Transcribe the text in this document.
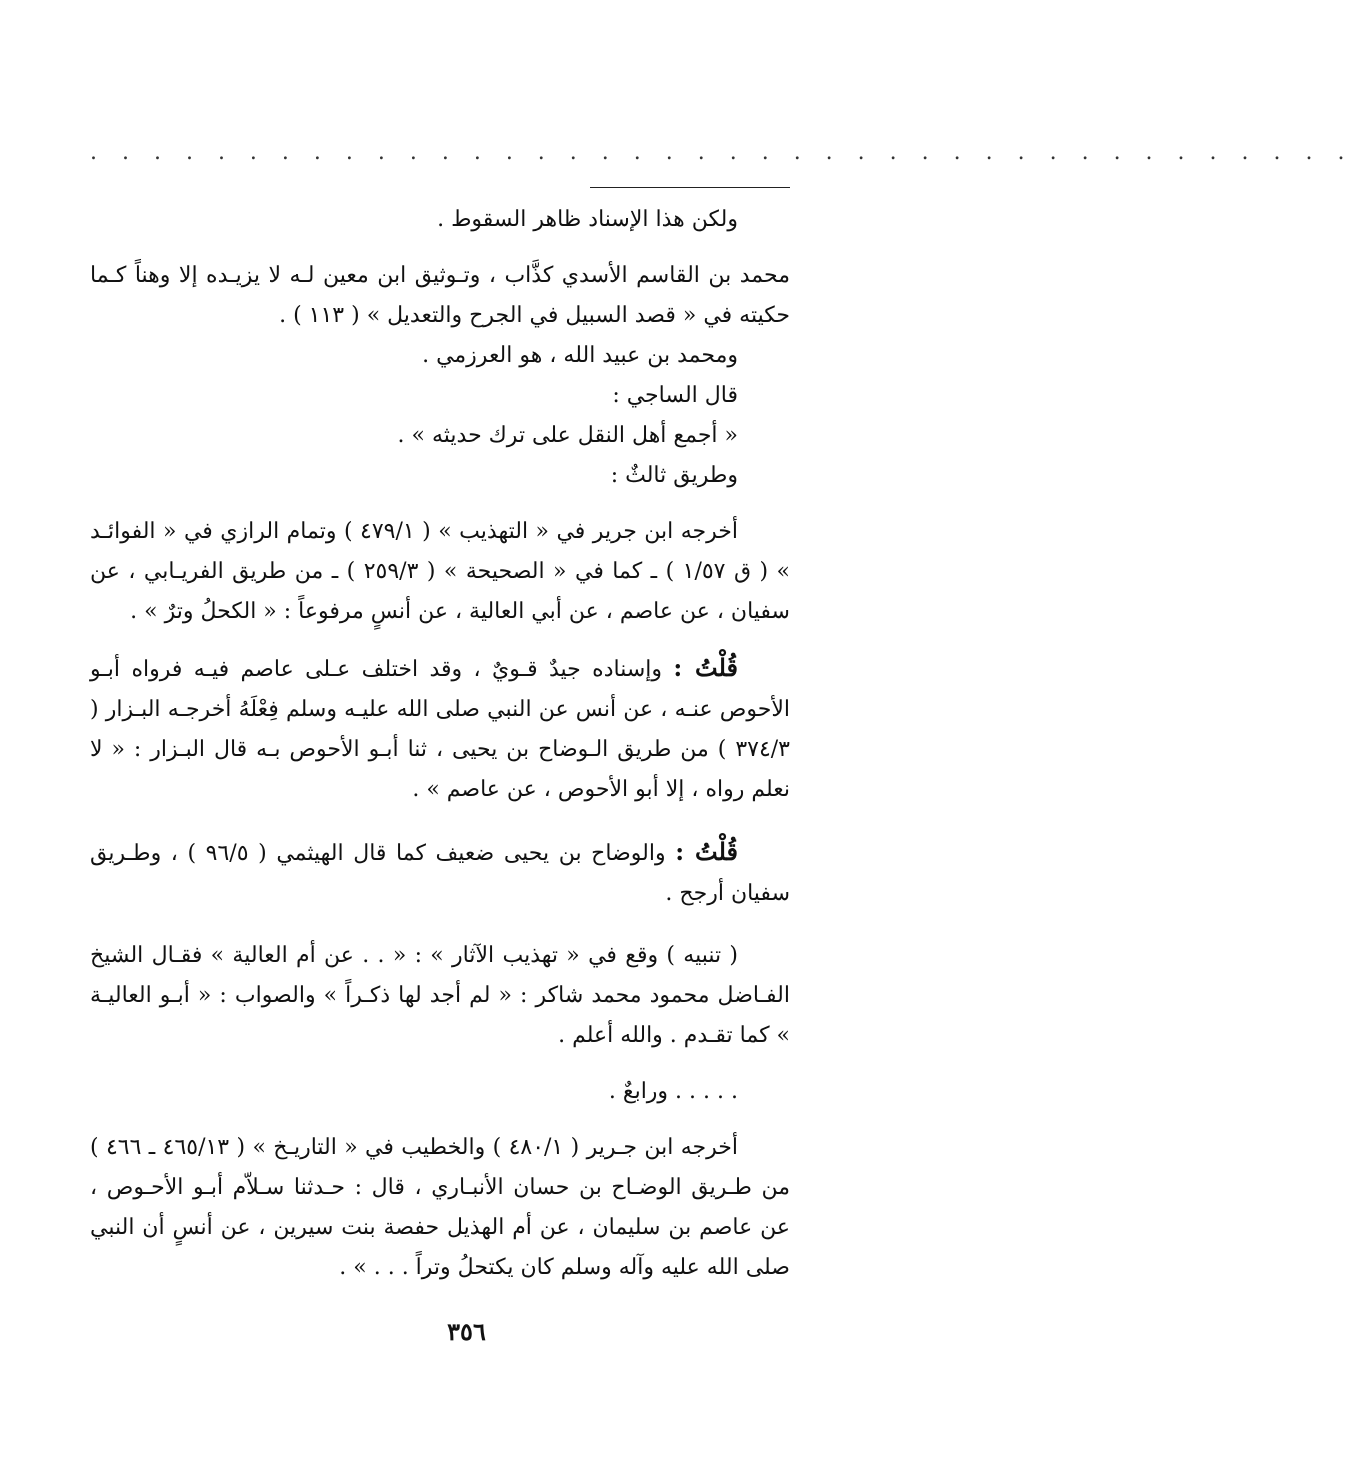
. . . . . . . . . . . . . . . . . . . . . . . . . . . . . . . . . . . . . . . .

ولكن هذا الإسناد ظاهر السقوط .

محمد بن القاسم الأسدي كذَّاب ، وتـوثيق ابن معين لـه لا يزيـده إلا وهناً كـما حكيته في « قصد السبيل في الجرح والتعديل » ( ١١٣ ) .

ومحمد بن عبيد الله ، هو العرزمي .

قال الساجي :

« أجمع أهل النقل على ترك حديثه » .

وطريق ثالثٌ :

أخرجه ابن جرير في « التهذيب » ( ٤٧٩/١ ) وتمام الرازي في « الفوائـد » ( ق ١/٥٧ ) ـ كما في « الصحيحة » ( ٢٥٩/٣ ) ـ من طريق الفريـابي ، عن سفيان ، عن عاصم ، عن أبي العالية ، عن أنسٍ مرفوعاً : « الكحلُ وترٌ » .

قُلْتُ : وإسناده جيدٌ قـويٌ ، وقد اختلف عـلى عاصم فيـه فرواه أبـو الأحوص عنـه ، عن أنس عن النبي صلى الله عليـه وسلم فِعْلَهُ أخرجـه البـزار ( ٣٧٤/٣ ) من طريق الـوضاح بن يحيى ، ثنا أبـو الأحوص بـه قال البـزار : « لا نعلم رواه ، إلا أبو الأحوص ، عن عاصم » .

قُلْتُ : والوضاح بن يحيى ضعيف كما قال الهيثمي ( ٩٦/٥ ) ، وطـريق سفيان أرجح .

( تنبيه ) وقع في « تهذيب الآثار » : « . . عن أم العالية » فقـال الشيخ الفـاضل محمود محمد شاكر : « لم أجد لها ذكـراً » والصواب : « أبـو العاليـة » كما تقـدم . والله أعلم .

. . . . . ورابعٌ .

أخرجه ابن جـرير ( ٤٨٠/١ ) والخطيب في « التاريـخ » ( ٤٦٥/١٣ ـ ٤٦٦ ) من طـريق الوضـاح بن حسان الأنبـاري ، قال : حـدثنا سـلاّم أبـو الأحـوص ، عن عاصم بن سليمان ، عن أم الهذيل حفصة بنت سيرين ، عن أنسٍ أن النبي صلى الله عليه وآله وسلم كان يكتحلُ وتراً . . . » .

٣٥٦
